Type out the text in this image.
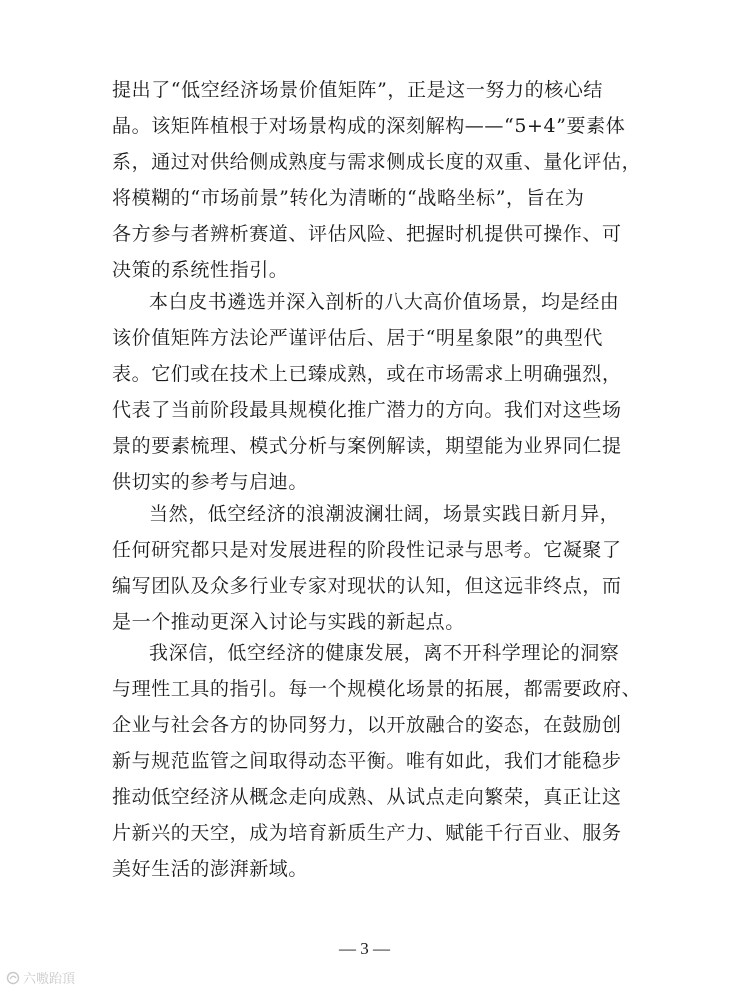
提出了“低空经济场景价值矩阵”，正是这一努力的核心结
晶。该矩阵植根于对场景构成的深刻解构——“5+4”要素体
系，通过对供给侧成熟度与需求侧成长度的双重、量化评估，
将模糊的“市场前景”转化为清晰的“战略坐标”，旨在为
各方参与者辨析赛道、评估风险、把握时机提供可操作、可
决策的系统性指引。
本白皮书遴选并深入剖析的八大高价值场景，均是经由
该价值矩阵方法论严谨评估后、居于“明星象限”的典型代
表。它们或在技术上已臻成熟，或在市场需求上明确强烈，
代表了当前阶段最具规模化推广潜力的方向。我们对这些场
景的要素梳理、模式分析与案例解读，期望能为业界同仁提
供切实的参考与启迪。
当然，低空经济的浪潮波澜壮阔，场景实践日新月异，
任何研究都只是对发展进程的阶段性记录与思考。它凝聚了
编写团队及众多行业专家对现状的认知，但这远非终点，而
是一个推动更深入讨论与实践的新起点。
我深信，低空经济的健康发展，离不开科学理论的洞察
与理性工具的指引。每一个规模化场景的拓展，都需要政府、
企业与社会各方的协同努力，以开放融合的姿态，在鼓励创
新与规范监管之间取得动态平衡。唯有如此，我们才能稳步
推动低空经济从概念走向成熟、从试点走向繁荣，真正让这
片新兴的天空，成为培育新质生产力、赋能千行百业、服务
美好生活的澎湃新域。
— 3 —
六嗷跆頂
